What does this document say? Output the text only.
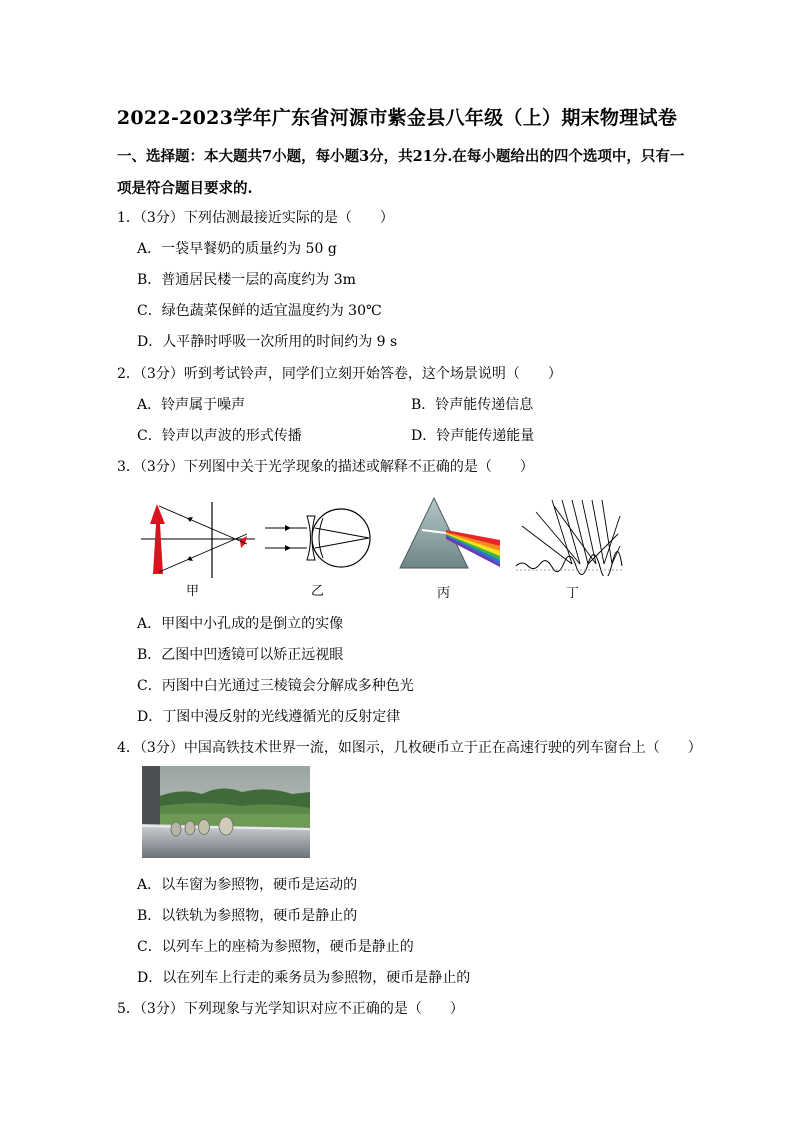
2022-2023学年广东省河源市紫金县八年级（上）期末物理试卷
一、选择题：本大题共7小题，每小题3分，共21分.在每小题给出的四个选项中，只有一
项是符合题目要求的.
1．（3分）下列估测最接近实际的是（　　）
A．一袋早餐奶的质量约为 50 g
B．普通居民楼一层的高度约为 3m
C．绿色蔬菜保鲜的适宜温度约为 30℃
D．人平静时呼吸一次所用的时间约为 9 s
2．（3分）听到考试铃声，同学们立刻开始答卷，这个场景说明（　　）
A．铃声属于噪声	B．铃声能传递信息
C．铃声以声波的形式传播	D．铃声能传递能量
3．（3分）下列图中关于光学现象的描述或解释不正确的是（　　）
甲	乙	丙	丁
A．甲图中小孔成的是倒立的实像
B．乙图中凹透镜可以矫正远视眼
C．丙图中白光通过三棱镜会分解成多种色光
D．丁图中漫反射的光线遵循光的反射定律
4．（3分）中国高铁技术世界一流，如图示，几枚硬币立于正在高速行驶的列车窗台上（　　）
A．以车窗为参照物，硬币是运动的
B．以铁轨为参照物，硬币是静止的
C．以列车上的座椅为参照物，硬币是静止的
D．以在列车上行走的乘务员为参照物，硬币是静止的
5．（3分）下列现象与光学知识对应不正确的是（　　）
